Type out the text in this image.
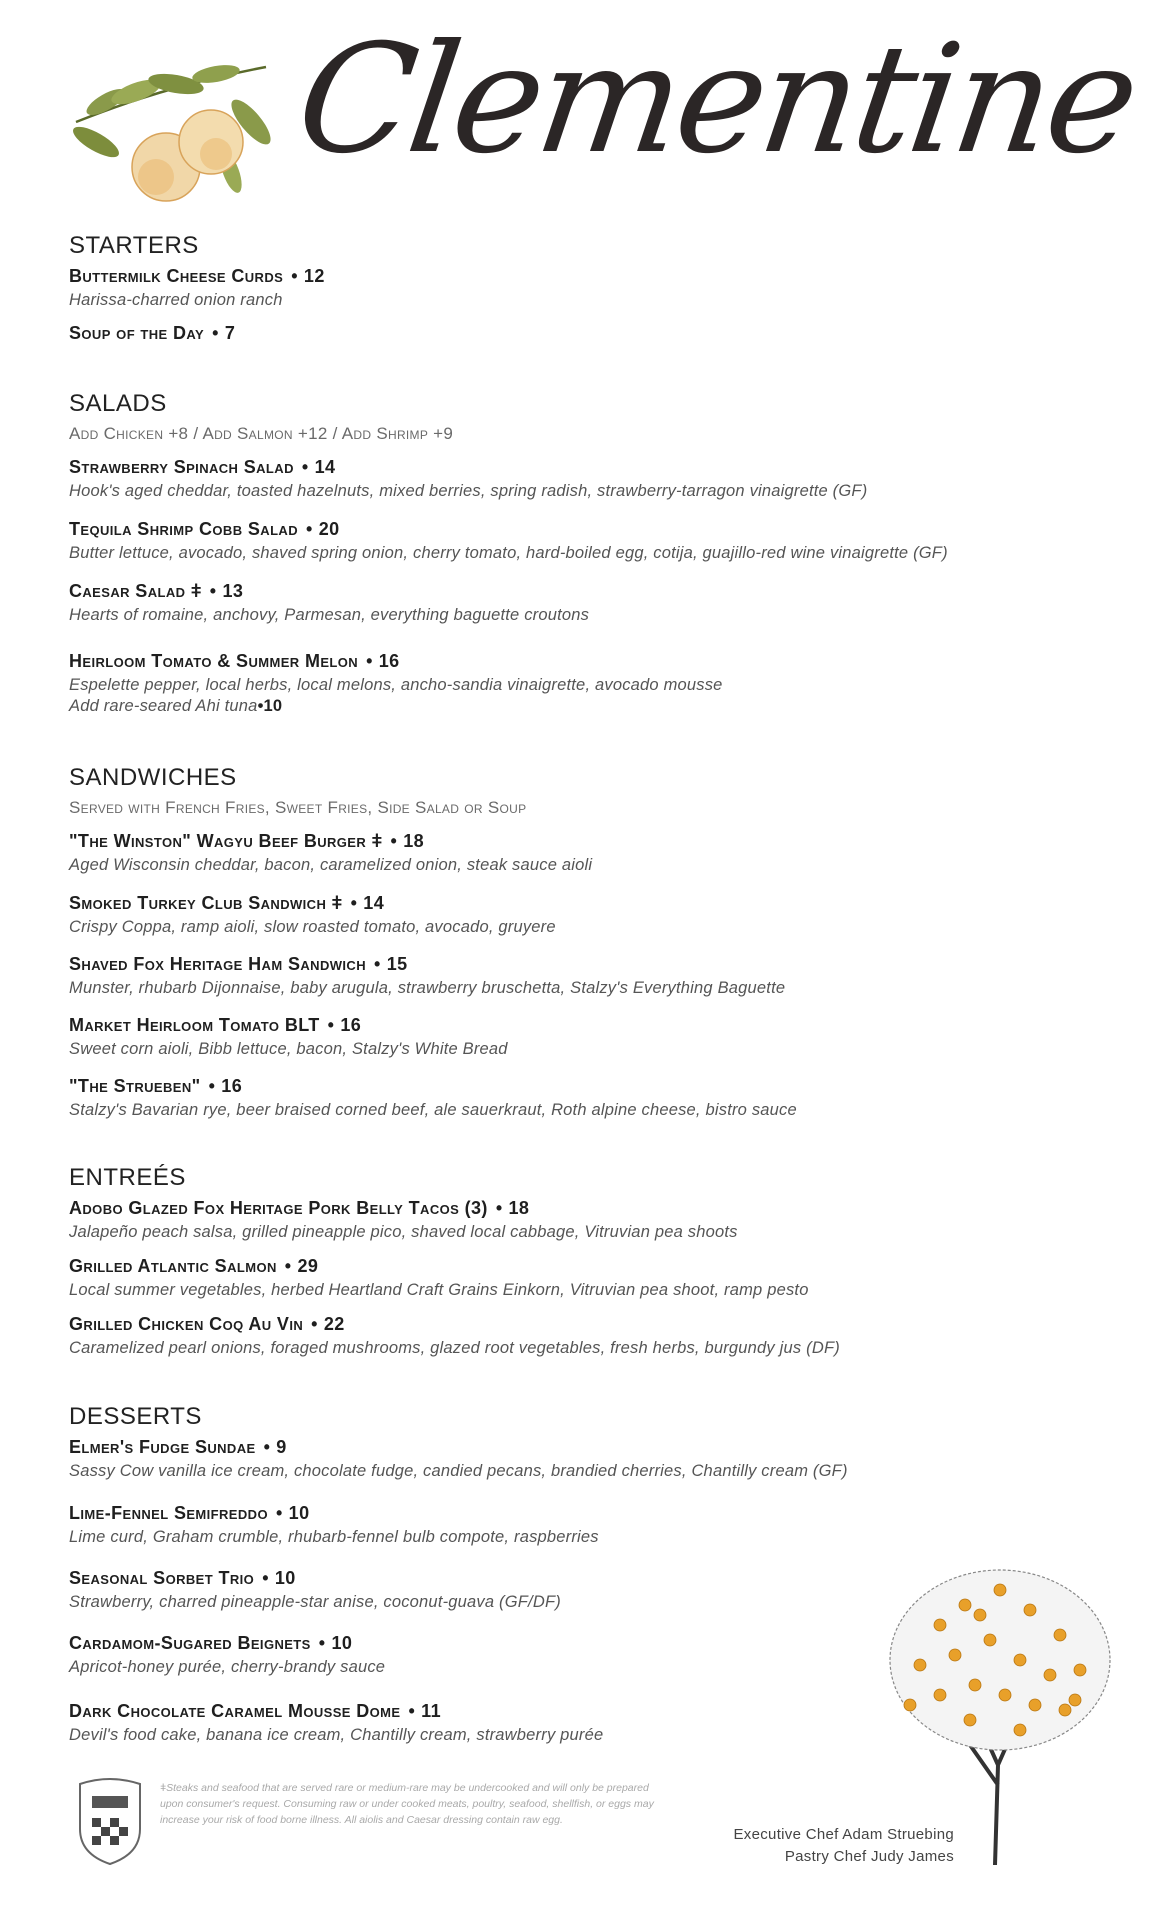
Clementine
STARTERS
Buttermilk Cheese Curds • 12
Harissa-charred onion ranch
Soup of the Day • 7
SALADS
Add Chicken +8 / Add Salmon +12 / Add Shrimp +9
Strawberry Spinach Salad • 14
Hook's aged cheddar, toasted hazelnuts, mixed berries, spring radish, strawberry-tarragon vinaigrette (GF)
Tequila Shrimp Cobb Salad • 20
Butter lettuce, avocado, shaved spring onion, cherry tomato, hard-boiled egg, cotija, guajillo-red wine vinaigrette (GF)
Caesar Salad ǂ • 13
Hearts of romaine, anchovy, Parmesan, everything baguette croutons
Heirloom Tomato & Summer Melon • 16
Espelette pepper, local herbs, local melons, ancho-sandia vinaigrette, avocado mousse
Add rare-seared Ahi tuna•10
SANDWICHES
Served with French Fries, Sweet Fries, Side Salad or Soup
"The Winston" Wagyu Beef Burger ǂ • 18
Aged Wisconsin cheddar, bacon, caramelized onion, steak sauce aioli
Smoked Turkey Club Sandwich ǂ • 14
Crispy Coppa, ramp aioli, slow roasted tomato, avocado, gruyere
Shaved Fox Heritage Ham Sandwich • 15
Munster, rhubarb Dijonnaise, baby arugula, strawberry bruschetta, Stalzy's Everything Baguette
Market Heirloom Tomato BLT • 16
Sweet corn aioli, Bibb lettuce, bacon, Stalzy's White Bread
"The Strueben" • 16
Stalzy's Bavarian rye, beer braised corned beef, ale sauerkraut, Roth alpine cheese, bistro sauce
ENTREÉS
Adobo Glazed Fox Heritage Pork Belly Tacos (3) • 18
Jalapeño peach salsa, grilled pineapple pico, shaved local cabbage, Vitruvian pea shoots
Grilled Atlantic Salmon • 29
Local summer vegetables, herbed Heartland Craft Grains Einkorn, Vitruvian pea shoot, ramp pesto
Grilled Chicken Coq Au Vin • 22
Caramelized pearl onions, foraged mushrooms, glazed root vegetables, fresh herbs, burgundy jus (DF)
DESSERTS
Elmer's Fudge Sundae • 9
Sassy Cow vanilla ice cream, chocolate fudge, candied pecans, brandied cherries, Chantilly cream (GF)
Lime-Fennel Semifreddo • 10
Lime curd, Graham crumble, rhubarb-fennel bulb compote, raspberries
Seasonal Sorbet Trio • 10
Strawberry, charred pineapple-star anise, coconut-guava (GF/DF)
Cardamom-Sugared Beignets • 10
Apricot-honey purée, cherry-brandy sauce
Dark Chocolate Caramel Mousse Dome • 11
Devil's food cake, banana ice cream, Chantilly cream, strawberry purée
ǂSteaks and seafood that are served rare or medium-rare may be undercooked and will only be prepared upon consumer's request. Consuming raw or under cooked meats, poultry, seafood, shellfish, or eggs may increase your risk of food borne illness. All aiolis and Caesar dressing contain raw egg.
Executive Chef Adam Struebing
Pastry Chef Judy James
